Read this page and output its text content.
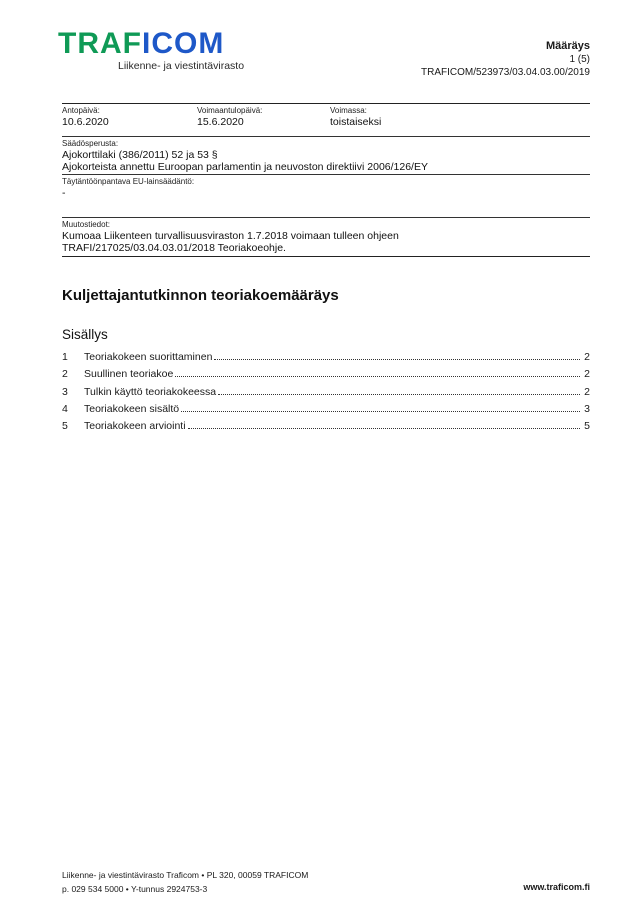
T R A F I C O M
Liikenne- ja viestintävirasto
Määräys
1 (5)
TRAFICOM/523973/03.04.03.00/2019
Antopäivä:
10.6.2020
Voimaantulopäivä:
15.6.2020
Voimassa:
toistaiseksi
Säädösperusta:
Ajokorttilaki (386/2011) 52 ja 53 §
Ajokorteista annettu Euroopan parlamentin ja neuvoston direktiivi 2006/126/EY
Täytäntöönpantava EU-lainsäädäntö:
-
Muutostiedot:
Kumoaa Liikenteen turvallisuusviraston 1.7.2018 voimaan tulleen ohjeen
TRAFI/217025/03.04.03.01/2018 Teoriakoeohje.
Kuljettajantutkinnon teoriakoemääräys
Sisällys
1	Teoriakokeen suorittaminen	2
2	Suullinen teoriakoe	2
3	Tulkin käyttö teoriakokeessa	2
4	Teoriakokeen sisältö	3
5	Teoriakokeen arviointi	5
Liikenne- ja viestintävirasto Traficom • PL 320, 00059 TRAFICOM
p. 029 534 5000 • Y-tunnus 2924753-3	www.traficom.fi
